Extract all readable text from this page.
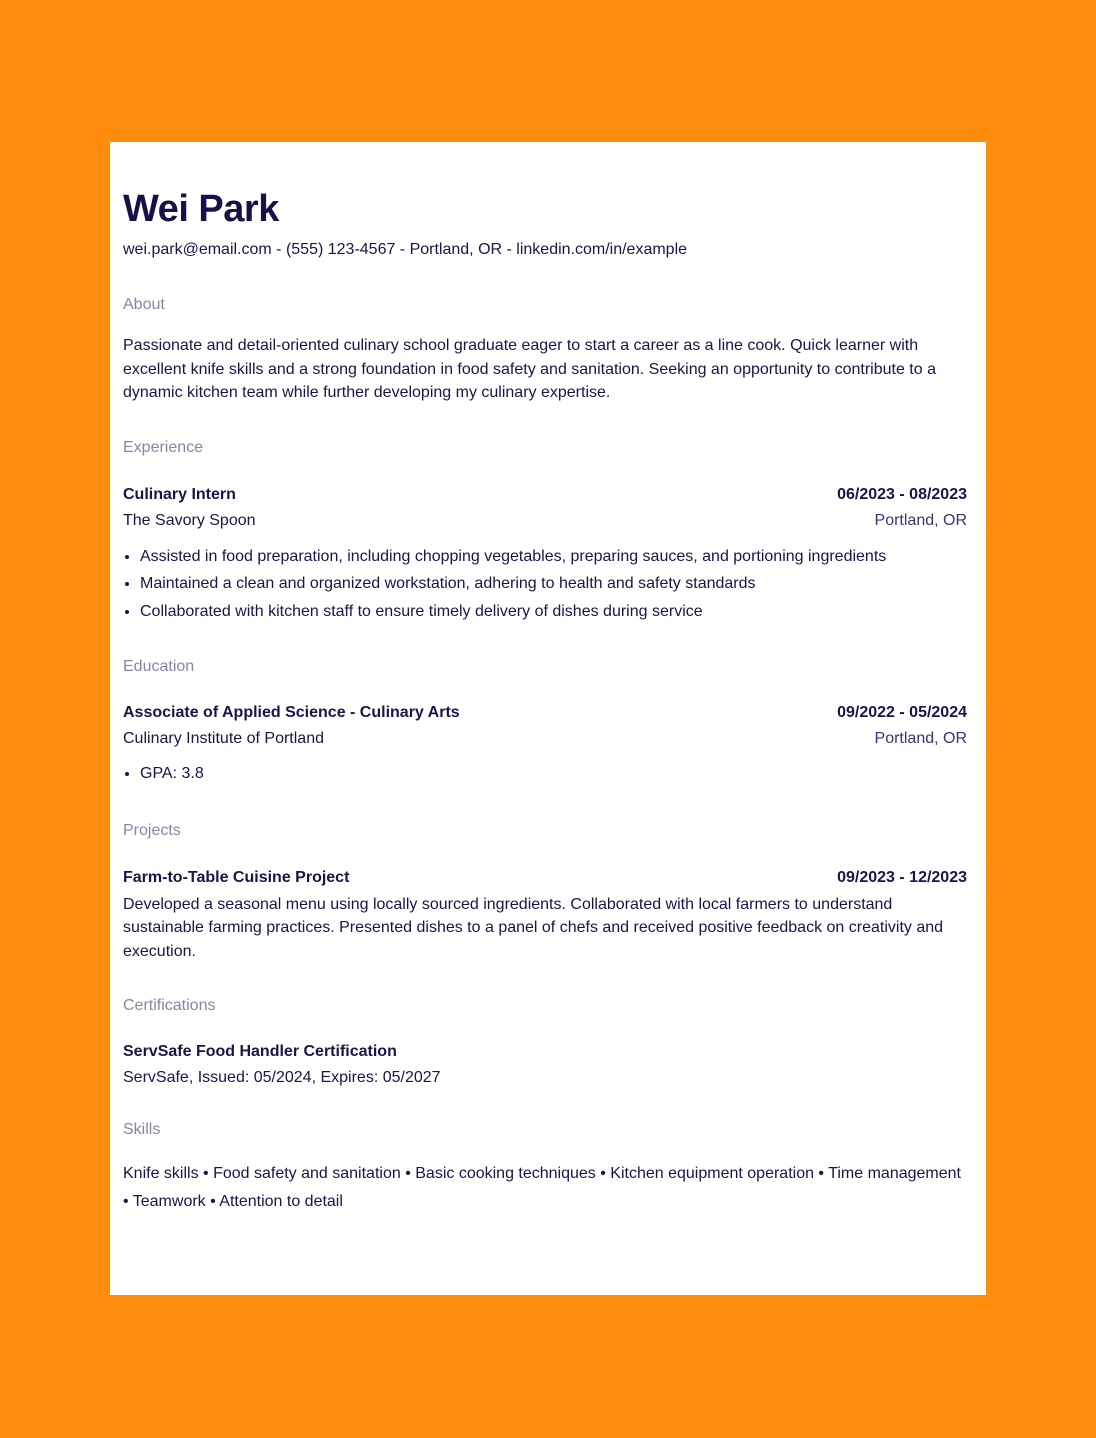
Wei Park
wei.park@email.com - (555) 123-4567 - Portland, OR - linkedin.com/in/example
About
Passionate and detail-oriented culinary school graduate eager to start a career as a line cook. Quick learner with excellent knife skills and a strong foundation in food safety and sanitation. Seeking an opportunity to contribute to a dynamic kitchen team while further developing my culinary expertise.
Experience
Culinary Intern	06/2023 - 08/2023
The Savory Spoon	Portland, OR
• Assisted in food preparation, including chopping vegetables, preparing sauces, and portioning ingredients
• Maintained a clean and organized workstation, adhering to health and safety standards
• Collaborated with kitchen staff to ensure timely delivery of dishes during service
Education
Associate of Applied Science - Culinary Arts	09/2022 - 05/2024
Culinary Institute of Portland	Portland, OR
• GPA: 3.8
Projects
Farm-to-Table Cuisine Project	09/2023 - 12/2023
Developed a seasonal menu using locally sourced ingredients. Collaborated with local farmers to understand sustainable farming practices. Presented dishes to a panel of chefs and received positive feedback on creativity and execution.
Certifications
ServSafe Food Handler Certification
ServSafe, Issued: 05/2024, Expires: 05/2027
Skills
Knife skills • Food safety and sanitation • Basic cooking techniques • Kitchen equipment operation • Time management • Teamwork • Attention to detail
